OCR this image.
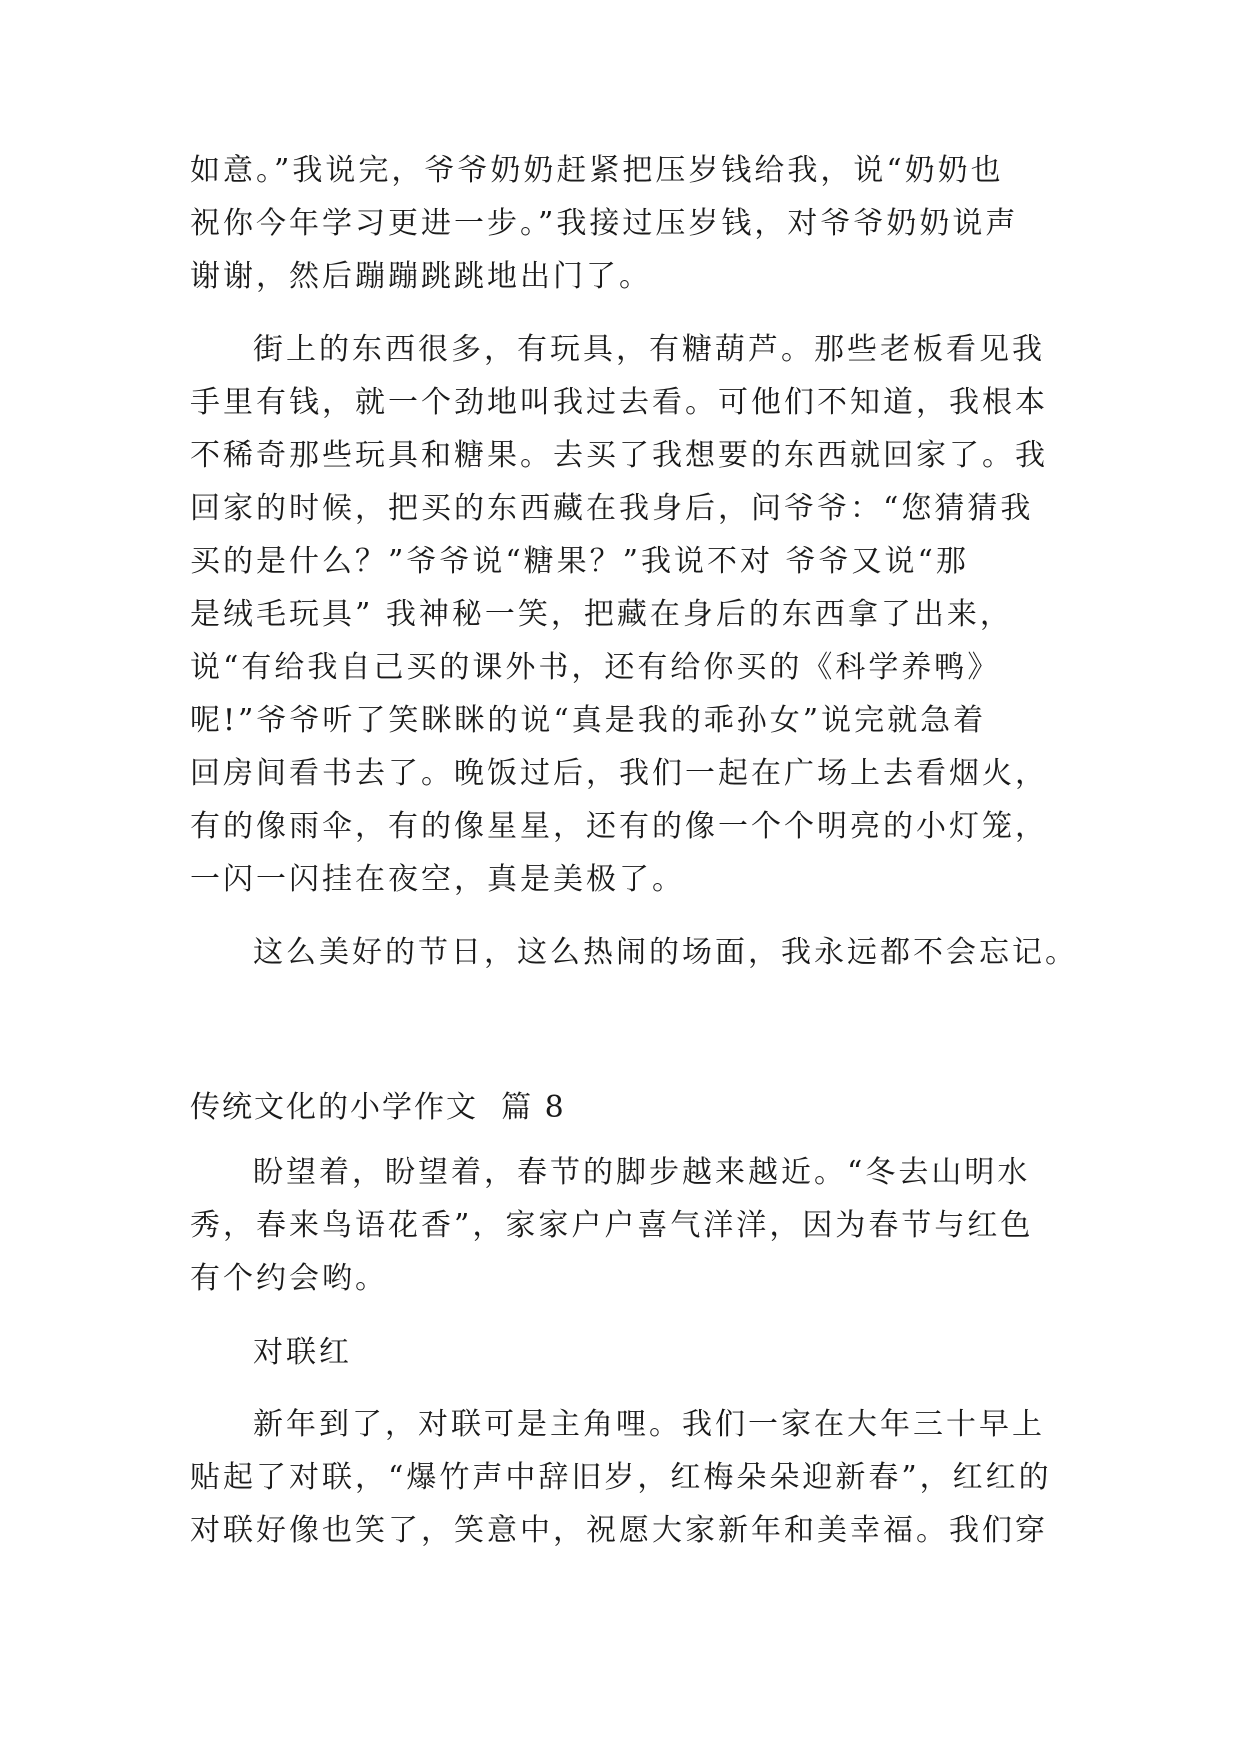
如意。”我说完，爷爷奶奶赶紧把压岁钱给我，说“奶奶也
祝你今年学习更进一步。”我接过压岁钱，对爷爷奶奶说声
谢谢，然后蹦蹦跳跳地出门了。
街上的东西很多，有玩具，有糖葫芦。那些老板看见我
手里有钱，就一个劲地叫我过去看。可他们不知道，我根本
不稀奇那些玩具和糖果。去买了我想要的东西就回家了。我
回家的时候，把买的东西藏在我身后，问爷爷：“您猜猜我
买的是什么？”爷爷说“糖果？”我说不对 爷爷又说“那
是绒毛玩具” 我神秘一笑，把藏在身后的东西拿了出来，
说“有给我自己买的课外书，还有给你买的《科学养鸭》
呢!”爷爷听了笑眯眯的说“真是我的乖孙女”说完就急着
回房间看书去了。晚饭过后，我们一起在广场上去看烟火，
有的像雨伞，有的像星星，还有的像一个个明亮的小灯笼，
一闪一闪挂在夜空，真是美极了。
这么美好的节日，这么热闹的场面，我永远都不会忘记。
传统文化的小学作文  篇 8
盼望着，盼望着，春节的脚步越来越近。“冬去山明水
秀，春来鸟语花香”，家家户户喜气洋洋，因为春节与红色
有个约会哟。
对联红
新年到了，对联可是主角哩。我们一家在大年三十早上
贴起了对联，“爆竹声中辞旧岁，红梅朵朵迎新春”，红红的
对联好像也笑了，笑意中，祝愿大家新年和美幸福。我们穿
